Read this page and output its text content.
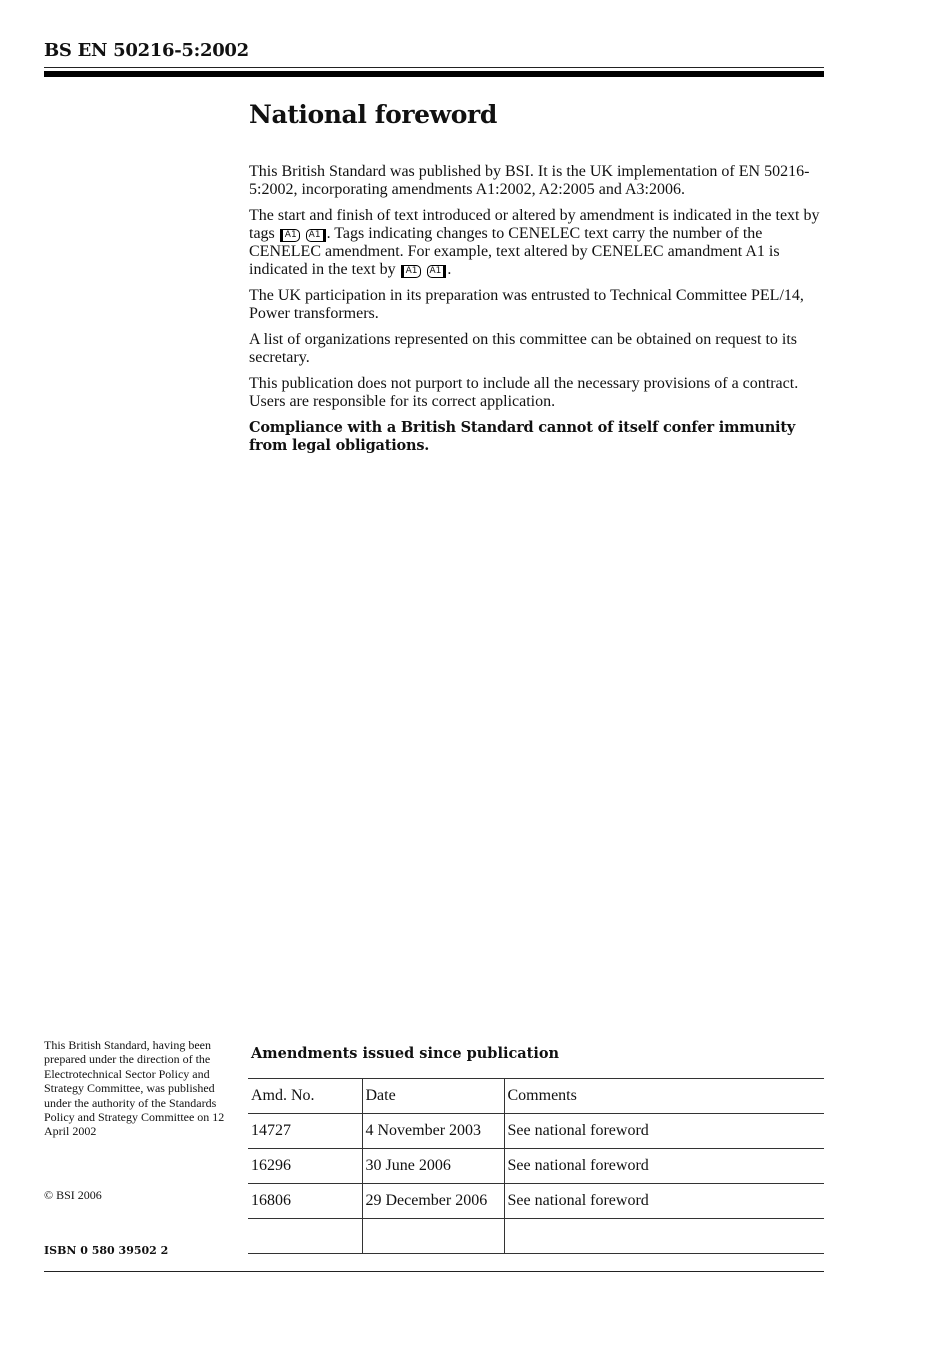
BS EN 50216-5:2002
National foreword

This British Standard was published by BSI. It is the UK implementation of EN 50216-5:2002, incorporating amendments A1:2002, A2:2005 and A3:2006.

The start and finish of text introduced or altered by amendment is indicated in the text by tags A1 A1 . Tags indicating changes to CENELEC text carry the number of the CENELEC amendment. For example, text altered by CENELEC amandment A1 is indicated in the text by A1 A1 .

The UK participation in its preparation was entrusted to Technical Committee PEL/14, Power transformers.

A list of organizations represented on this committee can be obtained on request to its secretary.

This publication does not purport to include all the necessary provisions of a contract. Users are responsible for its correct application.

Compliance with a British Standard cannot of itself confer immunity from legal obligations.

This British Standard, having been prepared under the direction of the Electrotechnical Sector Policy and Strategy Committee, was published under the authority of the Standards Policy and Strategy Committee on 12 April 2002
© BSI 2006
ISBN 0 580 39502 2
Amendments issued since publication
Amd. No.	Date	Comments
14727	4 November 2003	See national foreword
16296	30 June 2006	See national foreword
16806	29 December 2006	See national foreword
